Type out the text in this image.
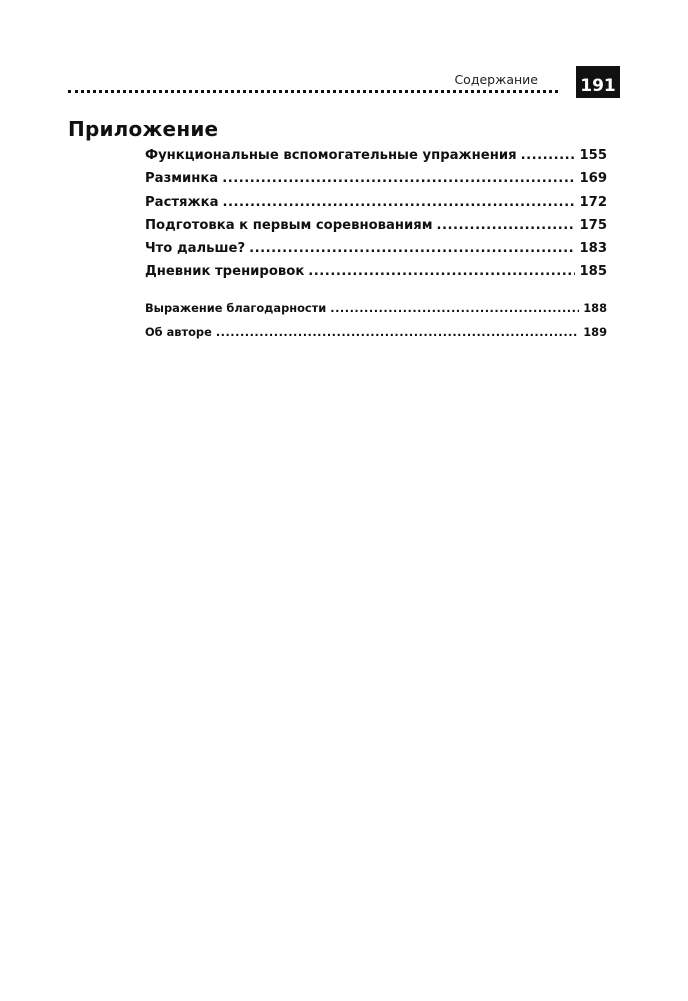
Содержание 191
Приложение
Функциональные вспомогательные упражнения .....	155
Разминка .....	169
Растяжка .....	172
Подготовка к первым соревнованиям .....	175
Что дальше? .....	183
Дневник тренировок .....	185
Выражение благодарности .....	188
Об авторе .....	189
